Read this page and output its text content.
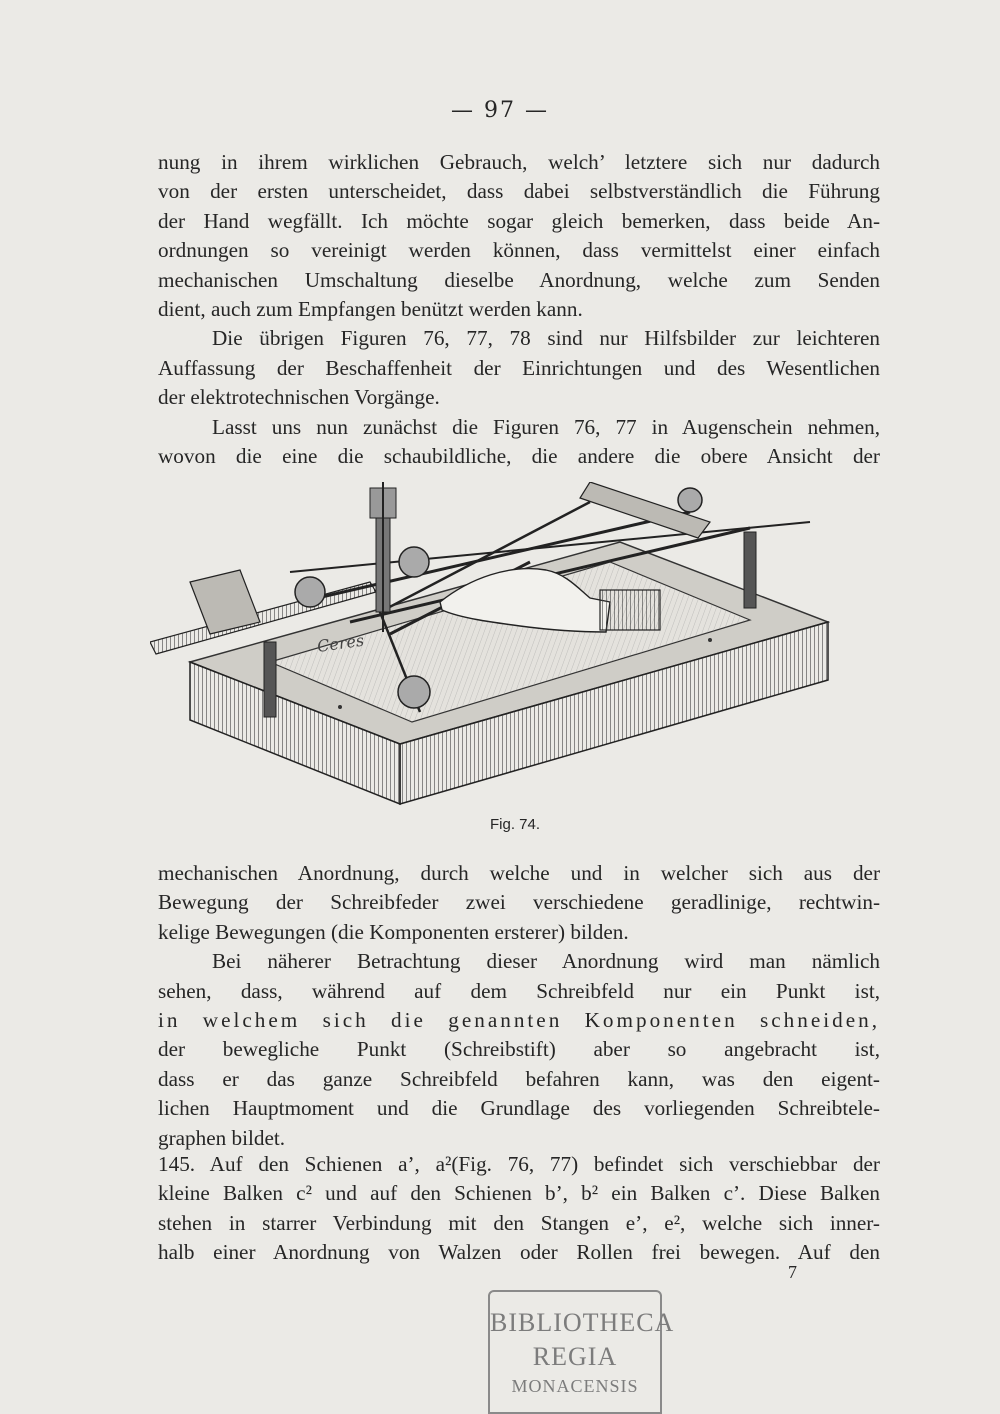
— 97 —

nung in ihrem wirklichen Gebrauch, welch’ letztere sich nur dadurch

von der ersten unterscheidet, dass dabei selbstverständlich die Führung

der Hand wegfällt. Ich möchte sogar gleich bemerken, dass beide An-

ordnungen so vereinigt werden können, dass vermittelst einer einfach

mechanischen Umschaltung dieselbe Anordnung, welche zum Senden

dient, auch zum Empfangen benützt werden kann.

Die übrigen Figuren 76, 77, 78 sind nur Hilfsbilder zur leichteren

Auffassung der Beschaffenheit der Einrichtungen und des Wesentlichen

der elektrotechnischen Vorgänge.

Lasst uns nun zunächst die Figuren 76, 77 in Augenschein nehmen,

wovon die eine die schaubildliche, die andere die obere Ansicht der

Ceres
Fig. 74.

mechanischen Anordnung, durch welche und in welcher sich aus der

Bewegung der Schreibfeder zwei verschiedene geradlinige, rechtwin-

kelige Bewegungen (die Komponenten ersterer) bilden.

Bei näherer Betrachtung dieser Anordnung wird man nämlich

sehen, dass, während auf dem Schreibfeld nur ein Punkt ist,

in welchem sich die genannten Komponenten schneiden,

der bewegliche Punkt (Schreibstift) aber so angebracht ist,

dass er das ganze Schreibfeld befahren kann, was den eigent-

lichen Hauptmoment und die Grundlage des vorliegenden Schreibtele-

graphen bildet.

145. Auf den Schienen a’, a²(Fig. 76, 77) befindet sich verschiebbar der

kleine Balken c² und auf den Schienen b’, b² ein Balken c’. Diese Balken

stehen in starrer Verbindung mit den Stangen e’, e², welche sich inner-

halb einer Anordnung von Walzen oder Rollen frei bewegen. Auf den

7
BIBLIOTHECA
REGIA
MONACENSIS
